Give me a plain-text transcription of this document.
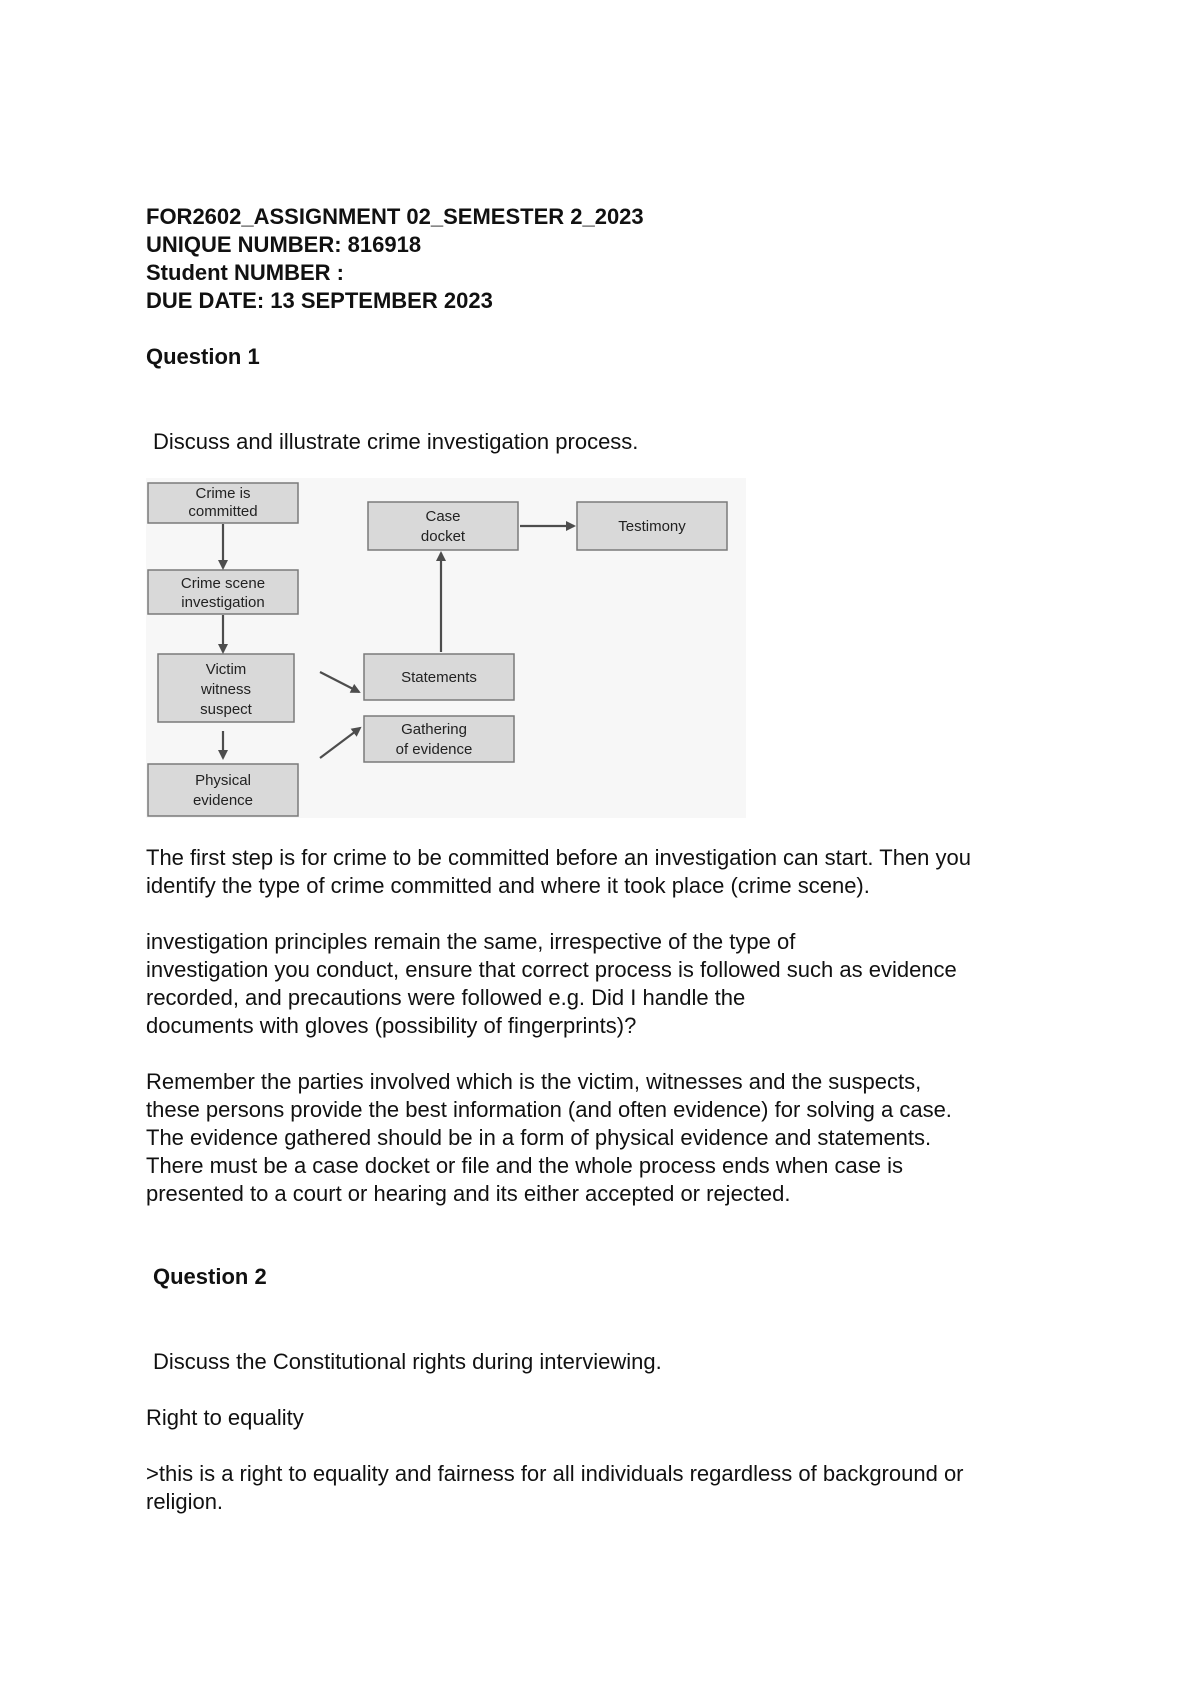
FOR2602_ASSIGNMENT 02_SEMESTER 2_2023
UNIQUE NUMBER: 816918
Student NUMBER :
DUE DATE: 13 SEPTEMBER 2023
Question 1
Discuss and illustrate crime investigation process.
Crime is
committed
Crime scene
investigation
Victim
witness
suspect
Physical
evidence
Statements
Gathering
of evidence
Case
docket
Testimony
The first step is for crime to be committed before an investigation can start. Then you
identify the type of crime committed and where it took place (crime scene).
investigation principles remain the same, irrespective of the type of
investigation you conduct, ensure that correct process is followed such as evidence
recorded, and precautions were followed e.g. Did I handle the
documents with gloves (possibility of fingerprints)?
Remember the parties involved which is the victim, witnesses and the suspects,
these persons provide the best information (and often evidence) for solving a case.
The evidence gathered should be in a form of physical evidence and statements.
There must be a case docket or file and the whole process ends when case is
presented to a court or hearing and its either accepted or rejected.
Question 2
Discuss the Constitutional rights during interviewing.
Right to equality
>this is a right to equality and fairness for all individuals regardless of background or
religion.
